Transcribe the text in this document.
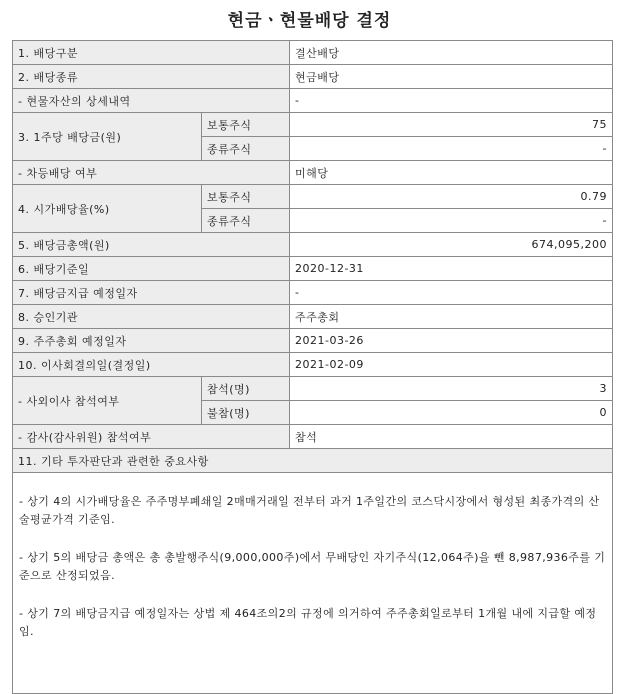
현금ㆍ현물배당 결정
1. 배당구분		결산배당
2. 배당종류		현금배당
- 현물자산의 상세내역		-
3. 1주당 배당금(원)	보통주식	75
	종류주식	-
- 차등배당 여부		미해당
4. 시가배당율(%)	보통주식	0.79
	종류주식	-
5. 배당금총액(원)		674,095,200
6. 배당기준일		2020-12-31
7. 배당금지급 예정일자		-
8. 승인기관		주주총회
9. 주주총회 예정일자		2021-03-26
10. 이사회결의일(결정일)		2021-02-09
- 사외이사 참석여부	참석(명)	3
	불참(명)	0
- 감사(감사위원) 참석여부		참석
11. 기타 투자판단과 관련한 중요사항		

- 상기 4의 시가배당율은 주주명부폐쇄일 2매매거래일 전부터 과거 1주일간의 코스닥시장에서 형성된 최종가격의 산술평균가격 기준임.

- 상기 5의 배당금 총액은 총 총발행주식(9,000,000주)에서 무배당인 자기주식(12,064주)을 뺀 8,987,936주를 기준으로 산정되었음.

- 상기 7의 배당금지급 예정일자는 상법 제 464조의2의 규정에 의거하여 주주총회일로부터 1개월 내에 지급할 예정임.		
